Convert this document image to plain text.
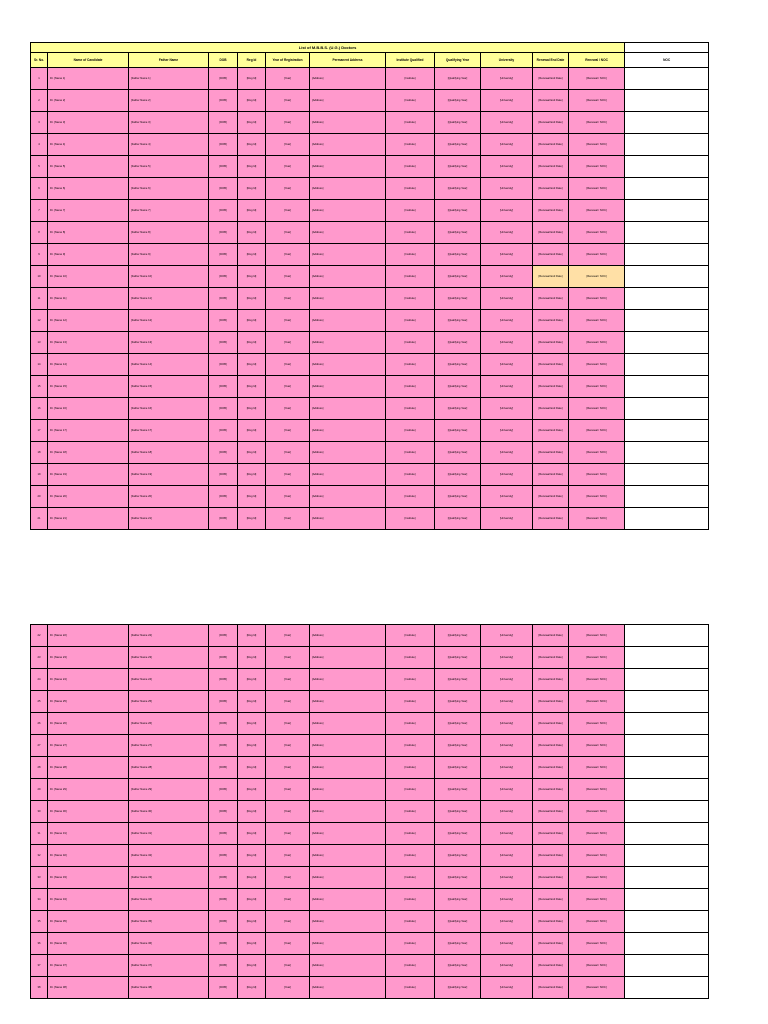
List of M.B.B.S. (U.G.) Doctors												
Sr. No.	Name of Candidate	Father Name	DOB	Reg Id	Year of Registration	Permanent Address	Institute Qualified	Qualifying Year	University	Renewal End Date	Renewal / NOC	NOC
1	Dr. [Name 1]	[Father Name 1]	[DOB]	[Reg Id]	[Year]	[Address]	[Institute]	[Qualifying Year]	[University]	[Renewal End Date]	[Renewal / NOC]	
2	Dr. [Name 2]	[Father Name 2]	[DOB]	[Reg Id]	[Year]	[Address]	[Institute]	[Qualifying Year]	[University]	[Renewal End Date]	[Renewal / NOC]	
3	Dr. [Name 3]	[Father Name 3]	[DOB]	[Reg Id]	[Year]	[Address]	[Institute]	[Qualifying Year]	[University]	[Renewal End Date]	[Renewal / NOC]	
4	Dr. [Name 4]	[Father Name 4]	[DOB]	[Reg Id]	[Year]	[Address]	[Institute]	[Qualifying Year]	[University]	[Renewal End Date]	[Renewal / NOC]	
5	Dr. [Name 5]	[Father Name 5]	[DOB]	[Reg Id]	[Year]	[Address]	[Institute]	[Qualifying Year]	[University]	[Renewal End Date]	[Renewal / NOC]	
6	Dr. [Name 6]	[Father Name 6]	[DOB]	[Reg Id]	[Year]	[Address]	[Institute]	[Qualifying Year]	[University]	[Renewal End Date]	[Renewal / NOC]	
7	Dr. [Name 7]	[Father Name 7]	[DOB]	[Reg Id]	[Year]	[Address]	[Institute]	[Qualifying Year]	[University]	[Renewal End Date]	[Renewal / NOC]	
8	Dr. [Name 8]	[Father Name 8]	[DOB]	[Reg Id]	[Year]	[Address]	[Institute]	[Qualifying Year]	[University]	[Renewal End Date]	[Renewal / NOC]	
9	Dr. [Name 9]	[Father Name 9]	[DOB]	[Reg Id]	[Year]	[Address]	[Institute]	[Qualifying Year]	[University]	[Renewal End Date]	[Renewal / NOC]	
10	Dr. [Name 10]	[Father Name 10]	[DOB]	[Reg Id]	[Year]	[Address]	[Institute]	[Qualifying Year]	[University]	[Renewal End Date]	[Renewal / NOC]	
11	Dr. [Name 11]	[Father Name 11]	[DOB]	[Reg Id]	[Year]	[Address]	[Institute]	[Qualifying Year]	[University]	[Renewal End Date]	[Renewal / NOC]	
12	Dr. [Name 12]	[Father Name 12]	[DOB]	[Reg Id]	[Year]	[Address]	[Institute]	[Qualifying Year]	[University]	[Renewal End Date]	[Renewal / NOC]	
13	Dr. [Name 13]	[Father Name 13]	[DOB]	[Reg Id]	[Year]	[Address]	[Institute]	[Qualifying Year]	[University]	[Renewal End Date]	[Renewal / NOC]	
14	Dr. [Name 14]	[Father Name 14]	[DOB]	[Reg Id]	[Year]	[Address]	[Institute]	[Qualifying Year]	[University]	[Renewal End Date]	[Renewal / NOC]	
15	Dr. [Name 15]	[Father Name 15]	[DOB]	[Reg Id]	[Year]	[Address]	[Institute]	[Qualifying Year]	[University]	[Renewal End Date]	[Renewal / NOC]	
16	Dr. [Name 16]	[Father Name 16]	[DOB]	[Reg Id]	[Year]	[Address]	[Institute]	[Qualifying Year]	[University]	[Renewal End Date]	[Renewal / NOC]	
17	Dr. [Name 17]	[Father Name 17]	[DOB]	[Reg Id]	[Year]	[Address]	[Institute]	[Qualifying Year]	[University]	[Renewal End Date]	[Renewal / NOC]	
18	Dr. [Name 18]	[Father Name 18]	[DOB]	[Reg Id]	[Year]	[Address]	[Institute]	[Qualifying Year]	[University]	[Renewal End Date]	[Renewal / NOC]	
19	Dr. [Name 19]	[Father Name 19]	[DOB]	[Reg Id]	[Year]	[Address]	[Institute]	[Qualifying Year]	[University]	[Renewal End Date]	[Renewal / NOC]	
20	Dr. [Name 20]	[Father Name 20]	[DOB]	[Reg Id]	[Year]	[Address]	[Institute]	[Qualifying Year]	[University]	[Renewal End Date]	[Renewal / NOC]	
21	Dr. [Name 21]	[Father Name 21]	[DOB]	[Reg Id]	[Year]	[Address]	[Institute]	[Qualifying Year]	[University]	[Renewal End Date]	[Renewal / NOC]	
22	Dr. [Name 22]	[Father Name 22]	[DOB]	[Reg Id]	[Year]	[Address]	[Institute]	[Qualifying Year]	[University]	[Renewal End Date]	[Renewal / NOC]	
23	Dr. [Name 23]	[Father Name 23]	[DOB]	[Reg Id]	[Year]	[Address]	[Institute]	[Qualifying Year]	[University]	[Renewal End Date]	[Renewal / NOC]	
24	Dr. [Name 24]	[Father Name 24]	[DOB]	[Reg Id]	[Year]	[Address]	[Institute]	[Qualifying Year]	[University]	[Renewal End Date]	[Renewal / NOC]	
25	Dr. [Name 25]	[Father Name 25]	[DOB]	[Reg Id]	[Year]	[Address]	[Institute]	[Qualifying Year]	[University]	[Renewal End Date]	[Renewal / NOC]	
26	Dr. [Name 26]	[Father Name 26]	[DOB]	[Reg Id]	[Year]	[Address]	[Institute]	[Qualifying Year]	[University]	[Renewal End Date]	[Renewal / NOC]	
27	Dr. [Name 27]	[Father Name 27]	[DOB]	[Reg Id]	[Year]	[Address]	[Institute]	[Qualifying Year]	[University]	[Renewal End Date]	[Renewal / NOC]	
28	Dr. [Name 28]	[Father Name 28]	[DOB]	[Reg Id]	[Year]	[Address]	[Institute]	[Qualifying Year]	[University]	[Renewal End Date]	[Renewal / NOC]	
29	Dr. [Name 29]	[Father Name 29]	[DOB]	[Reg Id]	[Year]	[Address]	[Institute]	[Qualifying Year]	[University]	[Renewal End Date]	[Renewal / NOC]	
30	Dr. [Name 30]	[Father Name 30]	[DOB]	[Reg Id]	[Year]	[Address]	[Institute]	[Qualifying Year]	[University]	[Renewal End Date]	[Renewal / NOC]	
31	Dr. [Name 31]	[Father Name 31]	[DOB]	[Reg Id]	[Year]	[Address]	[Institute]	[Qualifying Year]	[University]	[Renewal End Date]	[Renewal / NOC]	
32	Dr. [Name 32]	[Father Name 32]	[DOB]	[Reg Id]	[Year]	[Address]	[Institute]	[Qualifying Year]	[University]	[Renewal End Date]	[Renewal / NOC]	
33	Dr. [Name 33]	[Father Name 33]	[DOB]	[Reg Id]	[Year]	[Address]	[Institute]	[Qualifying Year]	[University]	[Renewal End Date]	[Renewal / NOC]	
34	Dr. [Name 34]	[Father Name 34]	[DOB]	[Reg Id]	[Year]	[Address]	[Institute]	[Qualifying Year]	[University]	[Renewal End Date]	[Renewal / NOC]	
35	Dr. [Name 35]	[Father Name 35]	[DOB]	[Reg Id]	[Year]	[Address]	[Institute]	[Qualifying Year]	[University]	[Renewal End Date]	[Renewal / NOC]	
36	Dr. [Name 36]	[Father Name 36]	[DOB]	[Reg Id]	[Year]	[Address]	[Institute]	[Qualifying Year]	[University]	[Renewal End Date]	[Renewal / NOC]	
37	Dr. [Name 37]	[Father Name 37]	[DOB]	[Reg Id]	[Year]	[Address]	[Institute]	[Qualifying Year]	[University]	[Renewal End Date]	[Renewal / NOC]	
38	Dr. [Name 38]	[Father Name 38]	[DOB]	[Reg Id]	[Year]	[Address]	[Institute]	[Qualifying Year]	[University]	[Renewal End Date]	[Renewal / NOC]	
